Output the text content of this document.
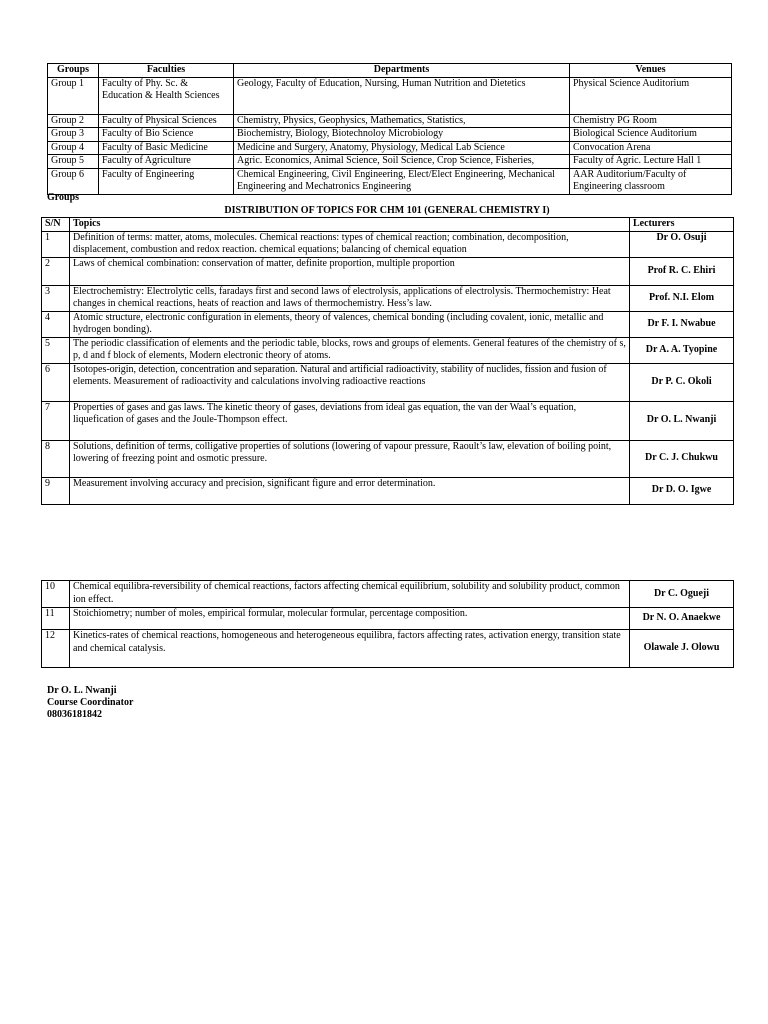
Groups	Faculties	Departments	Venues
Group 1	Faculty of Phy. Sc. & Education & Health Sciences	Geology, Faculty of Education, Nursing, Human Nutrition and Dietetics	Physical Science Auditorium
Group 2	Faculty of Physical Sciences	Chemistry, Physics, Geophysics, Mathematics, Statistics,	Chemistry PG Room
Group 3	Faculty of Bio Science	Biochemistry, Biology, Biotechnoloy Microbiology	Biological Science Auditorium
Group 4	Faculty of Basic Medicine	Medicine and Surgery, Anatomy, Physiology, Medical Lab Science	Convocation Arena
Group 5	Faculty of Agriculture	Agric. Economics, Animal Science, Soil Science, Crop Science, Fisheries,	Faculty of Agric. Lecture Hall 1
Group 6	Faculty of Engineering	Chemical Engineering, Civil Engineering, Elect/Elect Engineering, Mechanical Engineering and Mechatronics Engineering	AAR Auditorium/Faculty of Engineering classroom
Groups
DISTRIBUTION OF TOPICS FOR CHM 101 (GENERAL CHEMISTRY I)
S/N	Topics	Lecturers
1	Definition of terms: matter, atoms, molecules. Chemical reactions: types of chemical reaction; combination, decomposition, displacement, combustion and redox reaction. chemical equations; balancing of chemical equation	Dr O. Osuji
2	Laws of chemical combination: conservation of matter, definite proportion, multiple proportion	Prof R. C. Ehiri
3	Electrochemistry: Electrolytic cells, faradays first and second laws of electrolysis, applications of electrolysis. Thermochemistry: Heat changes in chemical reactions, heats of reaction and laws of thermochemistry. Hess’s law.	Prof. N.I. Elom
4	Atomic structure, electronic configuration in elements, theory of valences, chemical bonding (including covalent, ionic, metallic and hydrogen bonding).	Dr F. I. Nwabue
5	The periodic classification of elements and the periodic table, blocks, rows and groups of elements. General features of the chemistry of s, p, d and f block of elements, Modern electronic theory of atoms.	Dr A. A. Tyopine
6	Isotopes-origin, detection, concentration and separation. Natural and artificial radioactivity, stability of nuclides, fission and fusion of elements. Measurement of radioactivity and calculations involving radioactive reactions	Dr P. C. Okoli
7	Properties of gases and gas laws. The kinetic theory of gases, deviations from ideal gas equation, the van der Waal’s equation, liquefication of gases and the Joule-Thompson effect.	Dr O. L. Nwanji
8	Solutions, definition of terms, colligative properties of solutions (lowering of vapour pressure, Raoult’s law, elevation of boiling point, lowering of freezing point and osmotic pressure.	Dr C. J. Chukwu
9	Measurement involving accuracy and precision, significant figure and error determination.	Dr D. O. Igwe
10	Chemical equilibra-reversibility of chemical reactions, factors affecting chemical equilibrium, solubility and solubility product, common ion effect.	Dr C. Ogueji
11	Stoichiometry; number of moles, empirical formular, molecular formular, percentage composition.	Dr N. O. Anaekwe
12	Kinetics-rates of chemical reactions, homogeneous and heterogeneous equilibra, factors affecting rates, activation energy, transition state and chemical catalysis.	Olawale J. Olowu
Dr O. L. Nwanji
Course Coordinator
08036181842
